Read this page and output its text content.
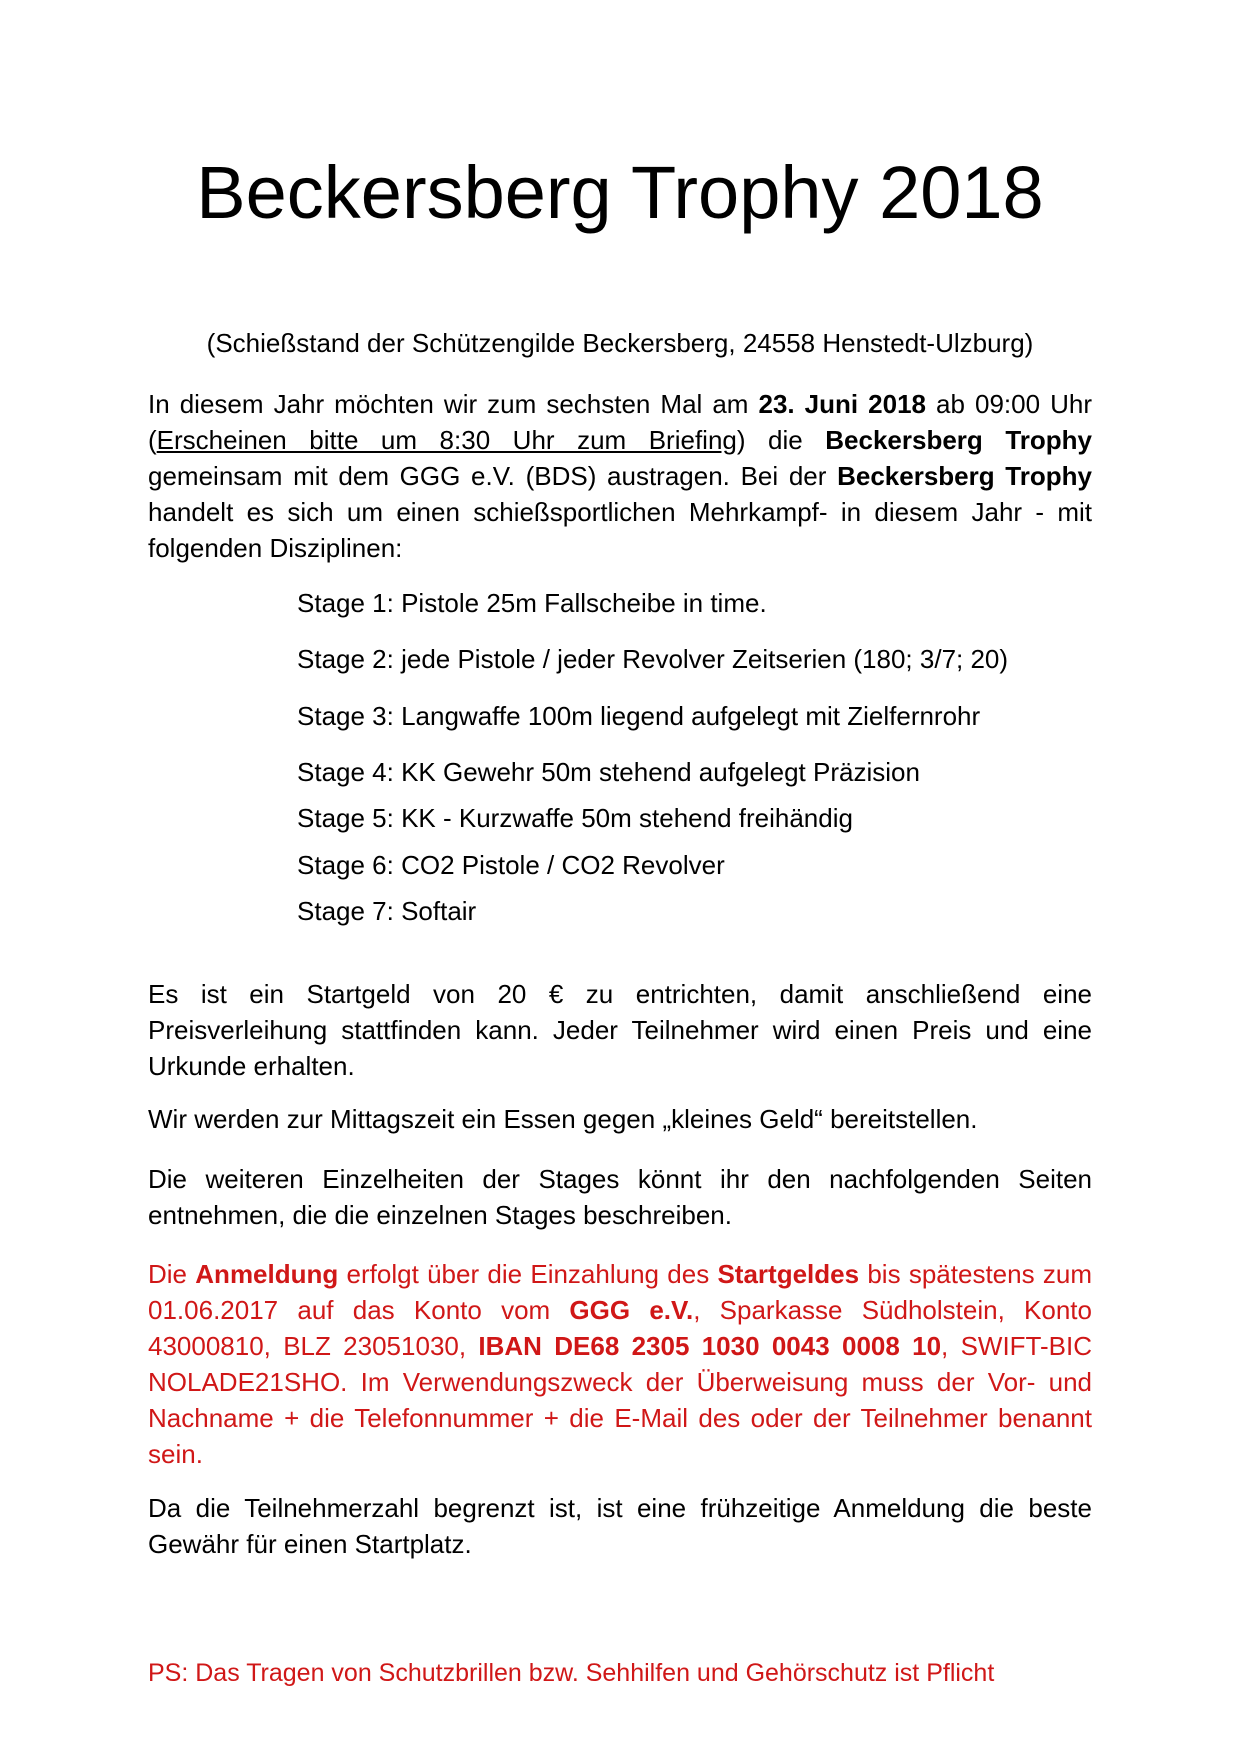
Beckersberg Trophy 2018

(Schießstand der Schützengilde Beckersberg, 24558 Henstedt-Ulzburg)

In diesem Jahr möchten wir zum sechsten Mal am 23. Juni 2018 ab 09:00 Uhr (Erscheinen bitte um 8:30 Uhr zum Briefing) die Beckersberg Trophy gemeinsam mit dem GGG e.V. (BDS) austragen. Bei der Beckersberg Trophy handelt es sich um einen schießsportlichen Mehrkampf- in diesem Jahr - mit folgenden Disziplinen:

Stage 1: Pistole 25m Fallscheibe in time.

Stage 2: jede Pistole / jeder Revolver Zeitserien (180; 3/7; 20)

Stage 3: Langwaffe 100m liegend aufgelegt mit Zielfernrohr

Stage 4: KK Gewehr 50m stehend aufgelegt Präzision

Stage 5: KK - Kurzwaffe 50m stehend freihändig

Stage 6: CO2 Pistole / CO2 Revolver

Stage 7: Softair

Es ist ein Startgeld von 20 € zu entrichten, damit anschließend eine Preisverleihung stattfinden kann. Jeder Teilnehmer wird einen Preis und eine Urkunde erhalten.

Wir werden zur Mittagszeit ein Essen gegen „kleines Geld“ bereitstellen.

Die weiteren Einzelheiten der Stages könnt ihr den nachfolgenden Seiten entnehmen, die die einzelnen Stages beschreiben.

Die Anmeldung erfolgt über die Einzahlung des Startgeldes bis spätestens zum 01.06.2017 auf das Konto vom GGG e.V., Sparkasse Südholstein, Konto 43000810, BLZ 23051030, IBAN DE68 2305 1030 0043 0008 10, SWIFT-BIC NOLADE21SHO. Im Verwendungszweck der Überweisung muss der Vor- und Nachname + die Telefonnummer + die E-Mail des oder der Teilnehmer benannt sein.

Da die Teilnehmerzahl begrenzt ist, ist eine frühzeitige Anmeldung die beste Gewähr für einen Startplatz.

PS: Das Tragen von Schutzbrillen bzw. Sehhilfen und Gehörschutz ist Pflicht
